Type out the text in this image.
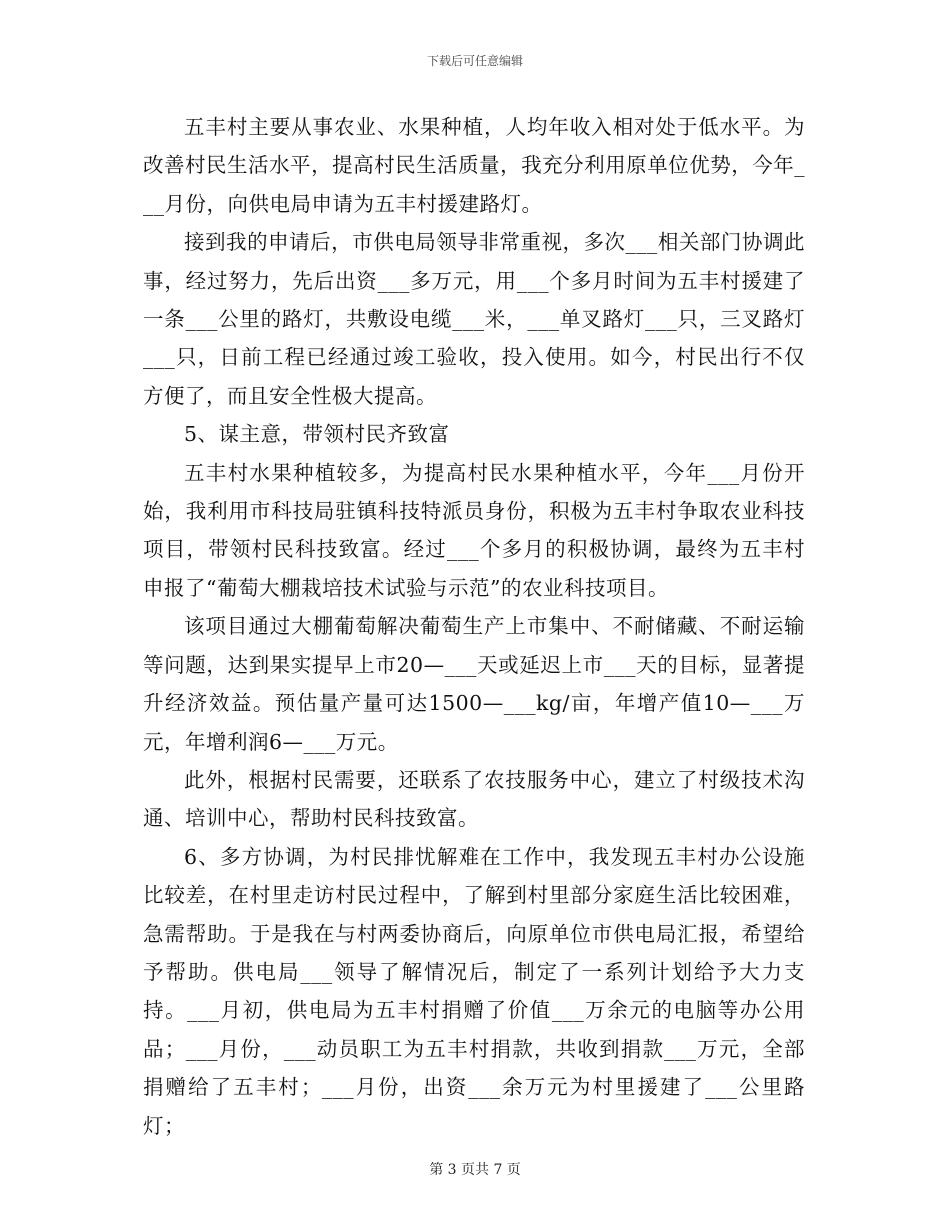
下载后可任意编辑

五丰村主要从事农业、水果种植，人均年收入相对处于低水平。为改善村民生活水平，提高村民生活质量，我充分利用原单位优势，今年___月份，向供电局申请为五丰村援建路灯。

接到我的申请后，市供电局领导非常重视，多次___相关部门协调此事，经过努力，先后出资___多万元，用___个多月时间为五丰村援建了一条___公里的路灯，共敷设电缆___米，___单叉路灯___只，三叉路灯___只，日前工程已经通过竣工验收，投入使用。如今，村民出行不仅方便了，而且安全性极大提高。

5、谋主意，带领村民齐致富

五丰村水果种植较多，为提高村民水果种植水平，今年___月份开始，我利用市科技局驻镇科技特派员身份，积极为五丰村争取农业科技项目，带领村民科技致富。经过___个多月的积极协调，最终为五丰村申报了“葡萄大棚栽培技术试验与示范”的农业科技项目。

该项目通过大棚葡萄解决葡萄生产上市集中、不耐储藏、不耐运输等问题，达到果实提早上市20—___天或延迟上市___天的目标，显著提升经济效益。预估量产量可达1500—___kg/亩，年增产值10—___万元，年增利润6—___万元。

此外，根据村民需要，还联系了农技服务中心，建立了村级技术沟通、培训中心，帮助村民科技致富。

6、多方协调，为村民排忧解难在工作中，我发现五丰村办公设施比较差，在村里走访村民过程中，了解到村里部分家庭生活比较困难，急需帮助。于是我在与村两委协商后，向原单位市供电局汇报，希望给予帮助。供电局___领导了解情况后，制定了一系列计划给予大力支持。___月初，供电局为五丰村捐赠了价值___万余元的电脑等办公用品；___月份，___动员职工为五丰村捐款，共收到捐款___万元，全部捐赠给了五丰村；___月份，出资___余万元为村里援建了___公里路灯；

第 3 页共 7 页
